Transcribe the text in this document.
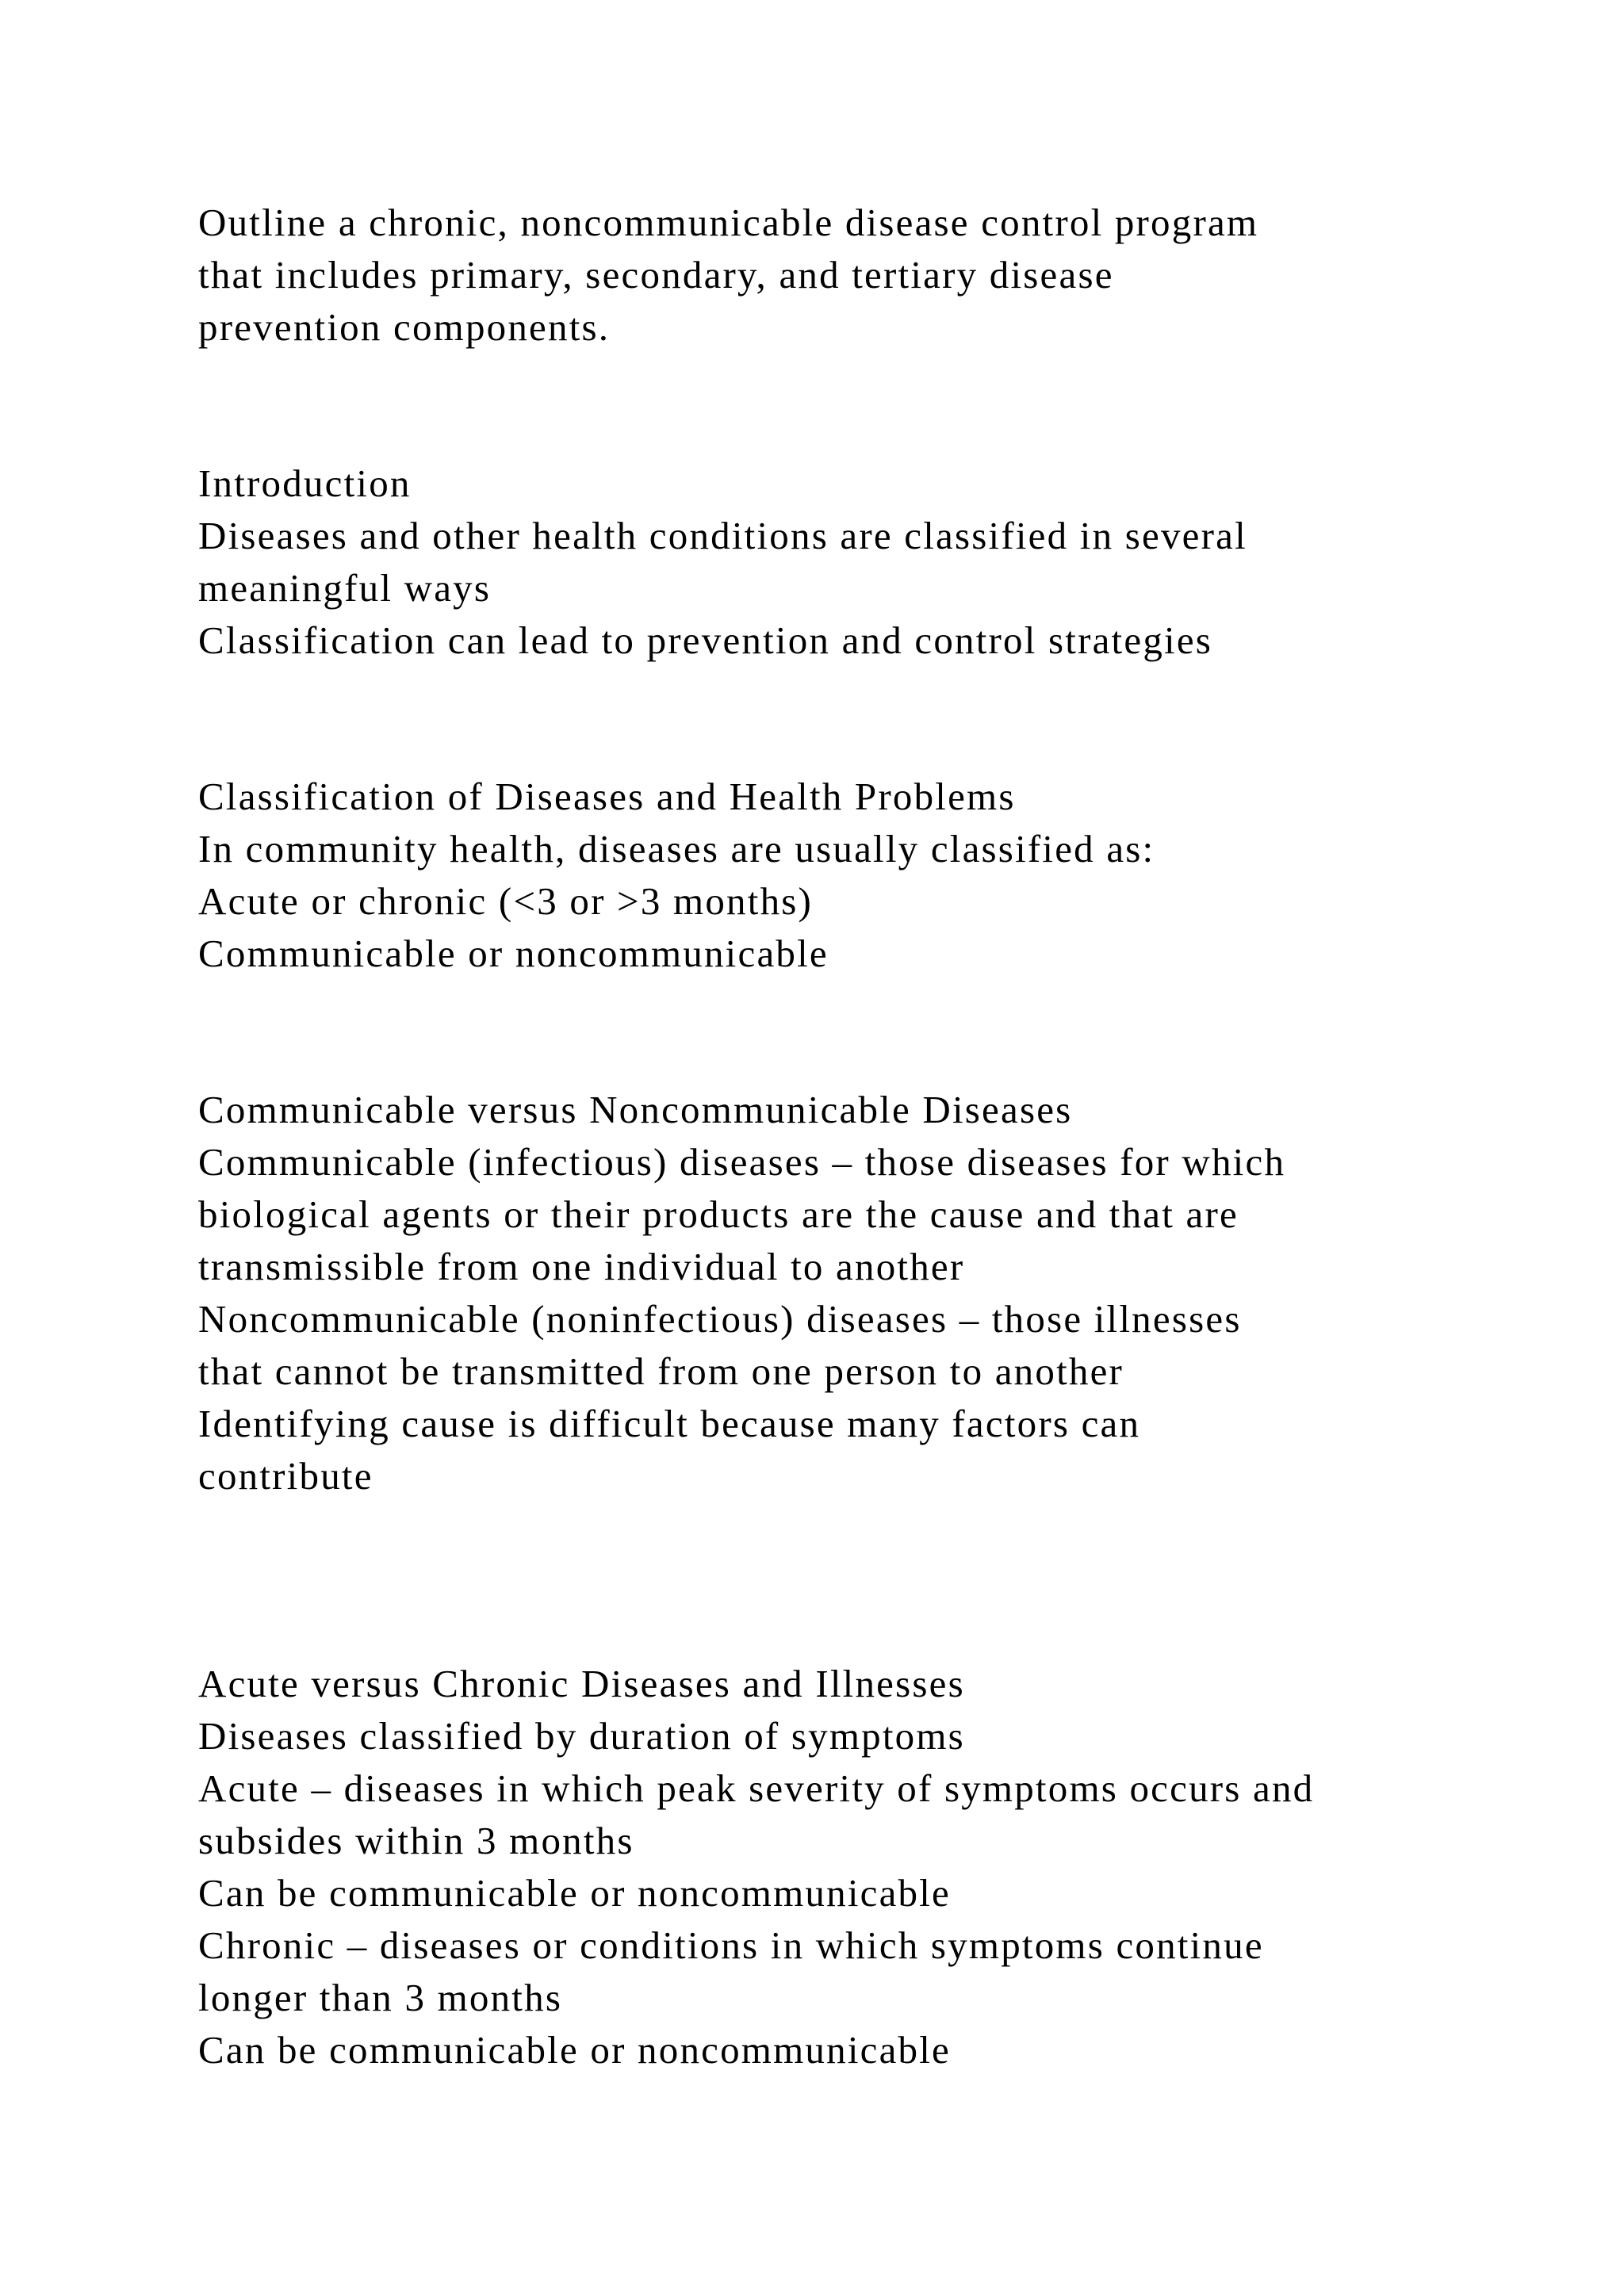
Outline a chronic, noncommunicable disease control program

that includes primary, secondary, and tertiary disease

prevention components.

Introduction

Diseases and other health conditions are classified in several

meaningful ways

Classification can lead to prevention and control strategies

Classification of Diseases and Health Problems

In community health, diseases are usually classified as:

Acute or chronic (<3 or >3 months)

Communicable or noncommunicable

Communicable versus Noncommunicable Diseases

Communicable (infectious) diseases – those diseases for which

biological agents or their products are the cause and that are

transmissible from one individual to another

Noncommunicable (noninfectious) diseases – those illnesses

that cannot be transmitted from one person to another

Identifying cause is difficult because many factors can

contribute

Acute versus Chronic Diseases and Illnesses

Diseases classified by duration of symptoms

Acute – diseases in which peak severity of symptoms occurs and

subsides within 3 months

Can be communicable or noncommunicable

Chronic – diseases or conditions in which symptoms continue

longer than 3 months

Can be communicable or noncommunicable
